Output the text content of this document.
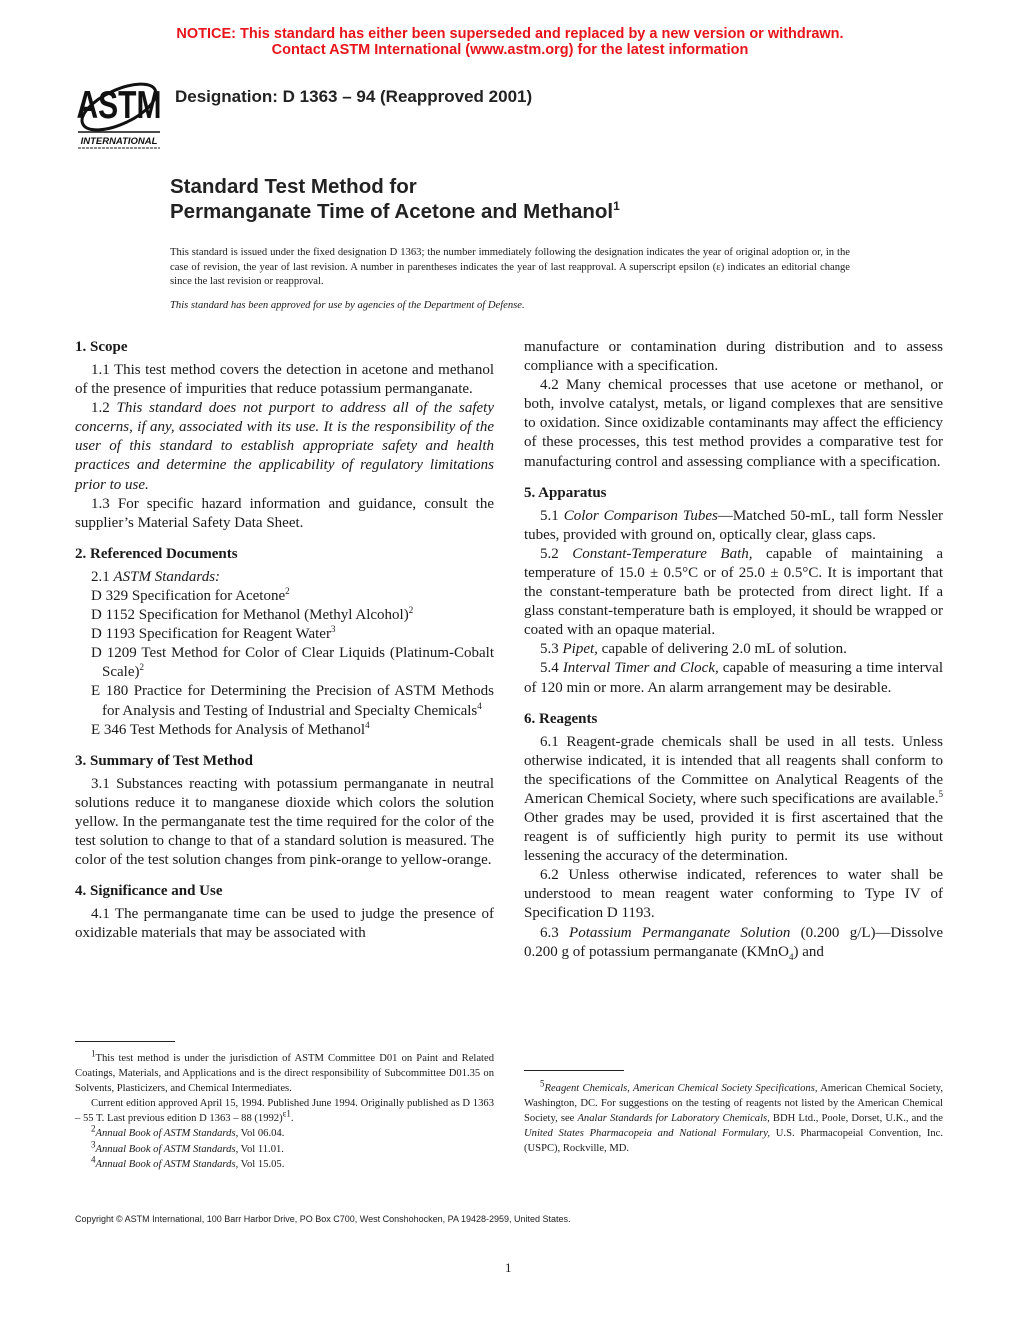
NOTICE: This standard has either been superseded and replaced by a new version or withdrawn.
Contact ASTM International (www.astm.org) for the latest information
ASTM
INTERNATIONAL
Designation: D 1363 – 94 (Reapproved 2001)
Standard Test Method for
Permanganate Time of Acetone and Methanol$^1$
This standard is issued under the fixed designation D 1363; the number immediately following the designation indicates the year of original adoption or, in the case of revision, the year of last revision. A number in parentheses indicates the year of last reapproval. A superscript epsilon (ε) indicates an editorial change since the last revision or reapproval.
This standard has been approved for use by agencies of the Department of Defense.
1. Scope

1.1 This test method covers the detection in acetone and methanol of the presence of impurities that reduce potassium permanganate.

1.2 This standard does not purport to address all of the safety concerns, if any, associated with its use. It is the responsibility of the user of this standard to establish appropriate safety and health practices and determine the applicability of regulatory limitations prior to use.

1.3 For specific hazard information and guidance, consult the supplier’s Material Safety Data Sheet.

2. Referenced Documents

2.1 ASTM Standards:

D 329 Specification for Acetone$^2$

D 1152 Specification for Methanol (Methyl Alcohol)$^2$

D 1193 Specification for Reagent Water$^3$

D 1209 Test Method for Color of Clear Liquids (Platinum-Cobalt Scale)$^2$

E 180 Practice for Determining the Precision of ASTM Methods for Analysis and Testing of Industrial and Specialty Chemicals$^4$

E 346 Test Methods for Analysis of Methanol$^4$

3. Summary of Test Method

3.1 Substances reacting with potassium permanganate in neutral solutions reduce it to manganese dioxide which colors the solution yellow. In the permanganate test the time required for the color of the test solution to change to that of a standard solution is measured. The color of the test solution changes from pink-orange to yellow-orange.

4. Significance and Use

4.1 The permanganate time can be used to judge the presence of oxidizable materials that may be associated with

manufacture or contamination during distribution and to assess compliance with a specification.

4.2 Many chemical processes that use acetone or methanol, or both, involve catalyst, metals, or ligand complexes that are sensitive to oxidation. Since oxidizable contaminants may affect the efficiency of these processes, this test method provides a comparative test for manufacturing control and assessing compliance with a specification.

5. Apparatus

5.1 Color Comparison Tubes—Matched 50-mL, tall form Nessler tubes, provided with ground on, optically clear, glass caps.

5.2 Constant-Temperature Bath, capable of maintaining a temperature of 15.0 ± 0.5°C or of 25.0 ± 0.5°C. It is important that the constant-temperature bath be protected from direct light. If a glass constant-temperature bath is employed, it should be wrapped or coated with an opaque material.

5.3 Pipet, capable of delivering 2.0 mL of solution.

5.4 Interval Timer and Clock, capable of measuring a time interval of 120 min or more. An alarm arrangement may be desirable.

6. Reagents

6.1 Reagent-grade chemicals shall be used in all tests. Unless otherwise indicated, it is intended that all reagents shall conform to the specifications of the Committee on Analytical Reagents of the American Chemical Society, where such specifications are available.$^5$ Other grades may be used, provided it is first ascertained that the reagent is of sufficiently high purity to permit its use without lessening the accuracy of the determination.

6.2 Unless otherwise indicated, references to water shall be understood to mean reagent water conforming to Type IV of Specification D 1193.

6.3 Potassium Permanganate Solution (0.200 g/L)—Dissolve 0.200 g of potassium permanganate (KMnO$_4$) and

$^1$This test method is under the jurisdiction of ASTM Committee D01 on Paint and Related Coatings, Materials, and Applications and is the direct responsibility of Subcommittee D01.35 on Solvents, Plasticizers, and Chemical Intermediates.

Current edition approved April 15, 1994. Published June 1994. Originally published as D 1363 – 55 T. Last previous edition D 1363 – 88 $(1992)^{\varepsilon 1}$.

$^2$Annual Book of ASTM Standards, Vol 06.04.

$^3$Annual Book of ASTM Standards, Vol 11.01.

$^4$Annual Book of ASTM Standards, Vol 15.05.

$^5$Reagent Chemicals, American Chemical Society Specifications, American Chemical Society, Washington, DC. For suggestions on the testing of reagents not listed by the American Chemical Society, see Analar Standards for Laboratory Chemicals, BDH Ltd., Poole, Dorset, U.K., and the United States Pharmacopeia and National Formulary, U.S. Pharmacopeial Convention, Inc. (USPC), Rockville, MD.

Copyright © ASTM International, 100 Barr Harbor Drive, PO Box C700, West Conshohocken, PA 19428-2959, United States.
1
